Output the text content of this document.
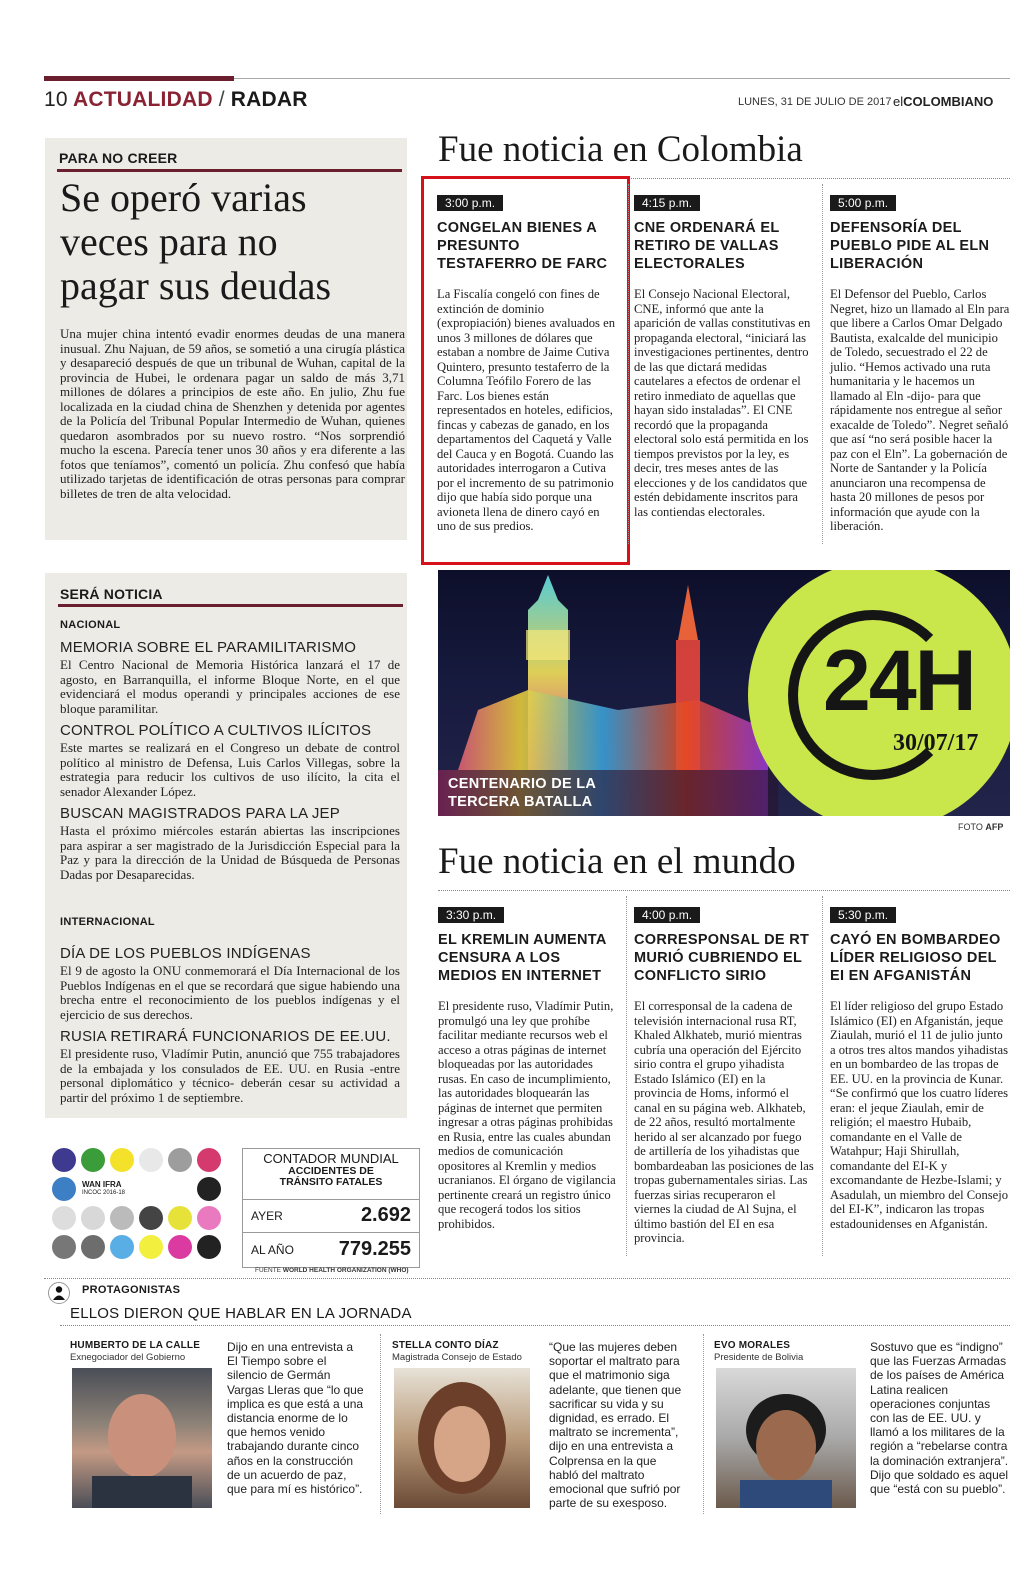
10 ACTUALIDAD / RADAR	LUNES, 31 DE JULIO DE 2017 elCOLOMBIANO
PARA NO CREER
Se operó varias
veces para no
pagar sus deudas
Una mujer china intentó evadir enormes deudas de una manera inusual. Zhu Najuan, de 59 años, se sometió a una cirugía plástica y desapareció después de que un tribunal de Wuhan, capital de la provincia de Hubei, le ordenara pagar un saldo de más 3,71 millones de dólares a principios de este año. En julio, Zhu fue localizada en la ciudad china de Shenzhen y detenida por agentes de la Policía del Tribunal Popular Intermedio de Wuhan, quienes quedaron asombrados por su nuevo rostro. “Nos sorprendió mucho la escena. Parecía tener unos 30 años y era diferente a las fotos que teníamos”, comentó un policía. Zhu confesó que había utilizado tarjetas de identificación de otras personas para comprar billetes de tren de alta velocidad.
Fue noticia en Colombia
3:00 p.m.
CONGELAN BIENES A PRESUNTO TESTAFERRO DE FARC
La Fiscalía congeló con fines de extinción de dominio (expropiación) bienes avaluados en unos 3 millones de dólares que estaban a nombre de Jaime Cutiva Quintero, presunto testaferro de la Columna Teófilo Forero de las Farc. Los bienes están representados en hoteles, edificios, fincas y cabezas de ganado, en los departamentos del Caquetá y Valle del Cauca y en Bogotá. Cuando las autoridades interrogaron a Cutiva por el incremento de su patrimonio dijo que había sido porque una avioneta llena de dinero cayó en uno de sus predios.
4:15 p.m.
CNE ORDENARÁ EL RETIRO DE VALLAS ELECTORALES
El Consejo Nacional Electoral, CNE, informó que ante la aparición de vallas constitutivas en propaganda electoral, “iniciará las investigaciones pertinentes, dentro de las que dictará medidas cautelares a efectos de ordenar el retiro inmediato de aquellas que hayan sido instaladas”. El CNE recordó que la propaganda electoral solo está permitida en los tiempos previstos por la ley, es decir, tres meses antes de las elecciones y de los candidatos que estén debidamente inscritos para las contiendas electorales.
5:00 p.m.
DEFENSORÍA DEL PUEBLO PIDE AL ELN LIBERACIÓN
El Defensor del Pueblo, Carlos Negret, hizo un llamado al Eln para que libere a Carlos Omar Delgado Bautista, exalcalde del municipio de Toledo, secuestrado el 22 de julio. “Hemos activado una ruta humanitaria y le hacemos un llamado al Eln -dijo- para que rápidamente nos entregue al señor exacalde de Toledo”. Negret señaló que así “no será posible hacer la paz con el Eln”. La gobernación de Norte de Santander y la Policía anunciaron una recompensa de hasta 20 millones de pesos por información que ayude con la liberación.
SERÁ NOTICIA
NACIONAL
MEMORIA SOBRE EL PARAMILITARISMO
El Centro Nacional de Memoria Histórica lanzará el 17 de agosto, en Barranquilla, el informe Bloque Norte, en el que evidenciará el modus operandi y principales acciones de ese bloque paramilitar.
CONTROL POLÍTICO A CULTIVOS ILÍCITOS
Este martes se realizará en el Congreso un debate de control político al ministro de Defensa, Luis Carlos Villegas, sobre la estrategia para reducir los cultivos de uso ilícito, la cita el senador Alexander López.
BUSCAN MAGISTRADOS PARA LA JEP
Hasta el próximo miércoles estarán abiertas las inscripciones para aspirar a ser magistrado de la Jurisdicción Especial para la Paz y para la dirección de la Unidad de Búsqueda de Personas Dadas por Desaparecidas.
INTERNACIONAL
DÍA DE LOS PUEBLOS INDÍGENAS
El 9 de agosto la ONU conmemorará el Día Internacional de los Pueblos Indígenas en el que se recordará que sigue habiendo una brecha entre el reconocimiento de los pueblos indígenas y el ejercicio de sus derechos.
RUSIA RETIRARÁ FUNCIONARIOS DE EE.UU.
El presidente ruso, Vladímir Putin, anunció que 755 trabajadores de la embajada y los consulados de EE. UU. en Rusia -entre personal diplomático y técnico- deberán cesar su actividad a partir del próximo 1 de septiembre.
24H
30/07/17
CENTENARIO DE LA
TERCERA BATALLA
FOTO AFP
Fue noticia en el mundo
3:30 p.m.
EL KREMLIN AUMENTA CENSURA A LOS MEDIOS EN INTERNET
El presidente ruso, Vladímir Putin, promulgó una ley que prohíbe facilitar mediante recursos web el acceso a otras páginas de internet bloqueadas por las autoridades rusas. En caso de incumplimiento, las autoridades bloquearán las páginas de internet que permiten ingresar a otras páginas prohibidas en Rusia, entre las cuales abundan medios de comunicación opositores al Kremlin y medios ucranianos. El órgano de vigilancia pertinente creará un registro único que recogerá todos los sitios prohibidos.
4:00 p.m.
CORRESPONSAL DE RT MURIÓ CUBRIENDO EL CONFLICTO SIRIO
El corresponsal de la cadena de televisión internacional rusa RT, Khaled Alkhateb, murió mientras cubría una operación del Ejército sirio contra el grupo yihadista Estado Islámico (EI) en la provincia de Homs, informó el canal en su página web. Alkhateb, de 22 años, resultó mortalmente herido al ser alcanzado por fuego de artillería de los yihadistas que bombardeaban las posiciones de las tropas gubernamentales sirias. Las fuerzas sirias recuperaron el viernes la ciudad de Al Sujna, el último bastión del EI en esa provincia.
5:30 p.m.
CAYÓ EN BOMBARDEO LÍDER RELIGIOSO DEL EI EN AFGANISTÁN
El líder religioso del grupo Estado Islámico (EI) en Afganistán, jeque Ziaulah, murió el 11 de julio junto a otros tres altos mandos yihadistas en un bombardeo de las tropas de EE. UU. en la provincia de Kunar. “Se confirmó que los cuatro líderes eran: el jeque Ziaulah, emir de religión; el maestro Hubaib, comandante en el Valle de Watahpur; Haji Shirullah, comandante del EI-K y excomandante de Hezbe-Islami; y Asadulah, un miembro del Consejo del EI-K”, indicaron las tropas estadounidenses en Afganistán.
WAN IFRA
INCOC 2016-18
CONTADOR MUNDIAL
ACCIDENTES DE
TRÁNSITO FATALES
AYER	2.692
AL AÑO 779.255
FUENTE WORLD HEALTH ORGANIZATION (WHO)
PROTAGONISTAS
ELLOS DIERON QUE HABLAR EN LA JORNADA
HUMBERTO DE LA CALLE
Exnegociador del Gobierno
Dijo en una entrevista a El Tiempo sobre el silencio de Germán Vargas Lleras que “lo que implica es que está a una distancia enorme de lo que hemos venido trabajando durante cinco años en la construcción de un acuerdo de paz, que para mí es histórico”.
STELLA CONTO DÍAZ
Magistrada Consejo de Estado
“Que las mujeres deben soportar el maltrato para que el matrimonio siga adelante, que tienen que sacrificar su vida y su dignidad, es errado. El maltrato se incrementa”, dijo en una entrevista a Colprensa en la que habló del maltrato emocional que sufrió por parte de su exesposo.
EVO MORALES
Presidente de Bolivia
Sostuvo que es “indigno” que las Fuerzas Armadas de los países de América Latina realicen operaciones conjuntas con las de EE. UU. y llamó a los militares de la región a “rebelarse contra la dominación extranjera”. Dijo que soldado es aquel que “está con su pueblo”.
